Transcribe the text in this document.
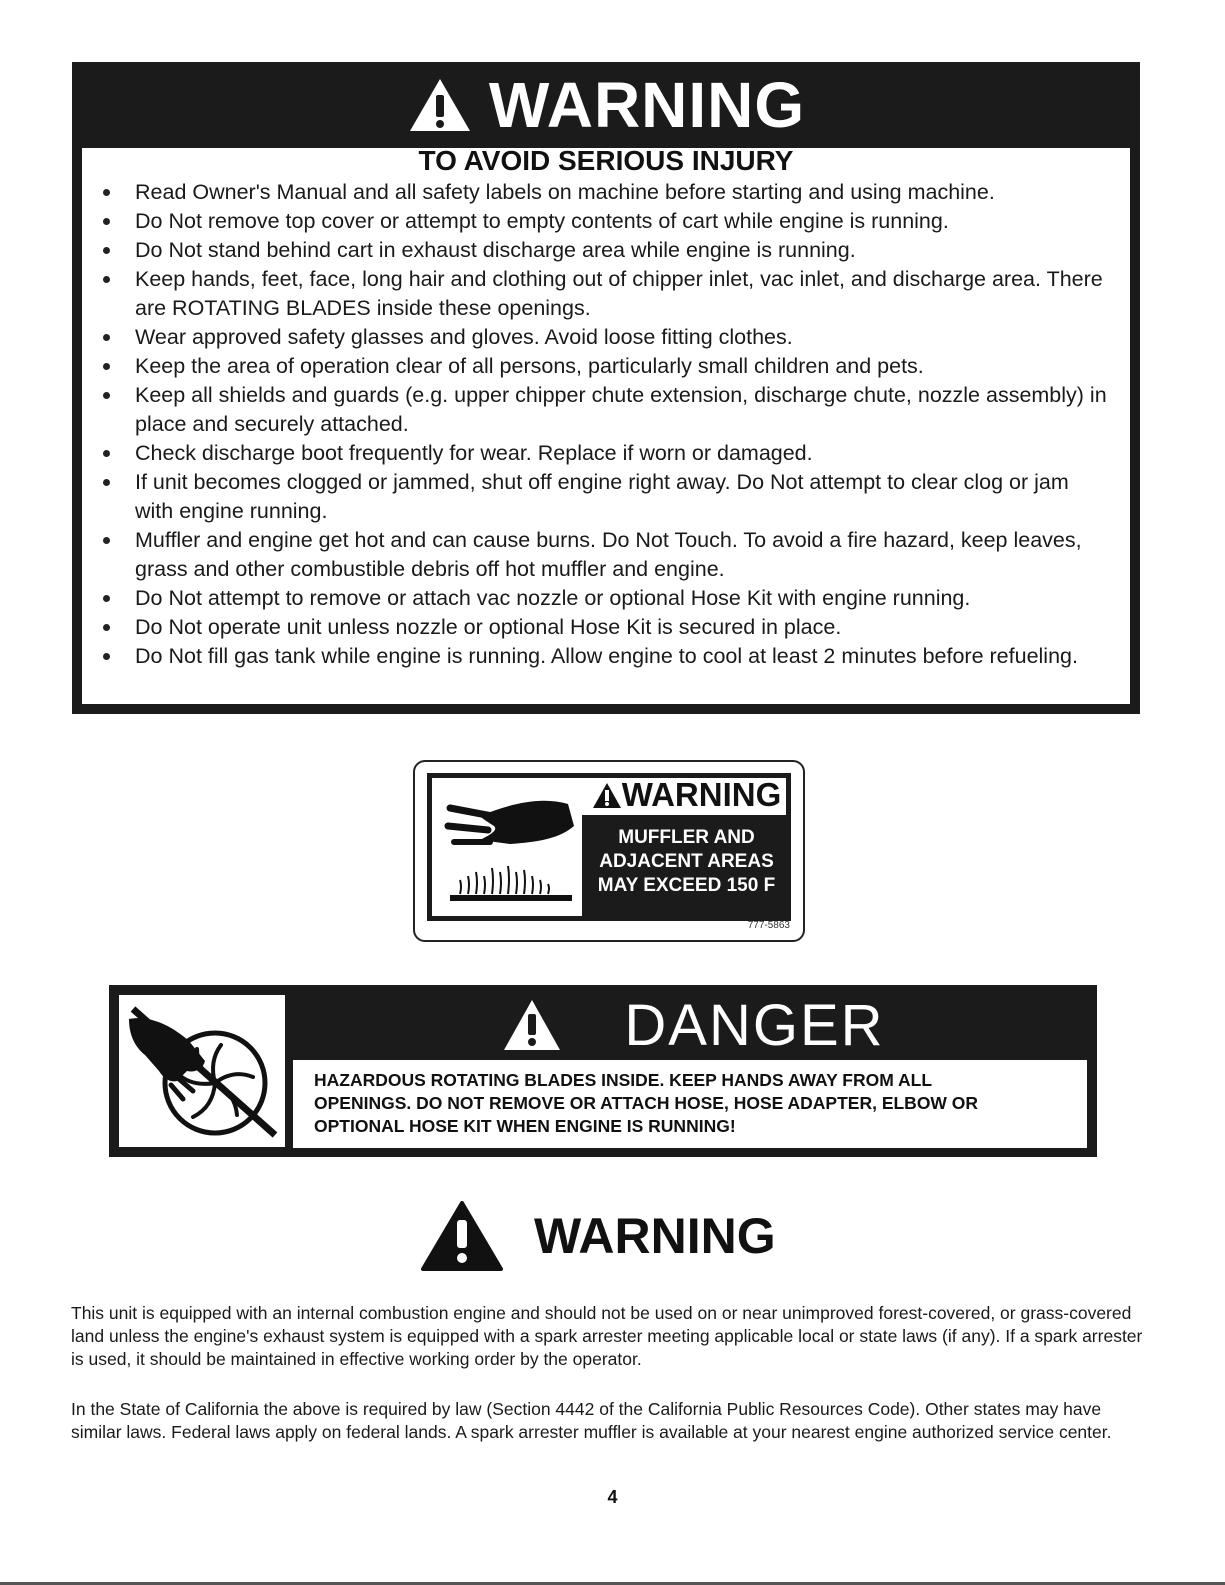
WARNING
TO AVOID SERIOUS INJURY
Read Owner's Manual and all safety labels on machine before starting and using machine.
Do Not remove top cover or attempt to empty contents of cart while engine is running.
Do Not stand behind cart in exhaust discharge area while engine is running.
Keep hands, feet, face, long hair and clothing out of chipper inlet, vac inlet, and discharge area. There are ROTATING BLADES inside these openings.
Wear approved safety glasses and gloves. Avoid loose fitting clothes.
Keep the area of operation clear of all persons, particularly small children and pets.
Keep all shields and guards (e.g. upper chipper chute extension, discharge chute, nozzle assembly) in place and securely attached.
Check discharge boot frequently for wear. Replace if worn or damaged.
If unit becomes clogged or jammed, shut off engine right away. Do Not attempt to clear clog or jam with engine running.
Muffler and engine get hot and can cause burns. Do Not Touch. To avoid a fire hazard, keep leaves, grass and other combustible debris off hot muffler and engine.
Do Not attempt to remove or attach vac nozzle or optional Hose Kit with engine running.
Do Not operate unit unless nozzle or optional Hose Kit is secured in place.
Do Not fill gas tank while engine is running. Allow engine to cool at least 2 minutes before refueling.
WARNING
MUFFLER AND
ADJACENT AREAS
MAY EXCEED 150 F
777-5863
DANGER
HAZARDOUS ROTATING BLADES INSIDE. KEEP HANDS AWAY FROM ALL
OPENINGS. DO NOT REMOVE OR ATTACH HOSE, HOSE ADAPTER, ELBOW OR
OPTIONAL HOSE KIT WHEN ENGINE IS RUNNING!
WARNING
This unit is equipped with an internal combustion engine and should not be used on or near unimproved forest-covered, or grass-covered land unless the engine's exhaust system is equipped with a spark arrester meeting applicable local or state laws (if any). If a spark arrester is used, it should be maintained in effective working order by the operator.
In the State of California the above is required by law (Section 4442 of the California Public Resources Code). Other states may have similar laws. Federal laws apply on federal lands. A spark arrester muffler is available at your nearest engine authorized service center.
4
